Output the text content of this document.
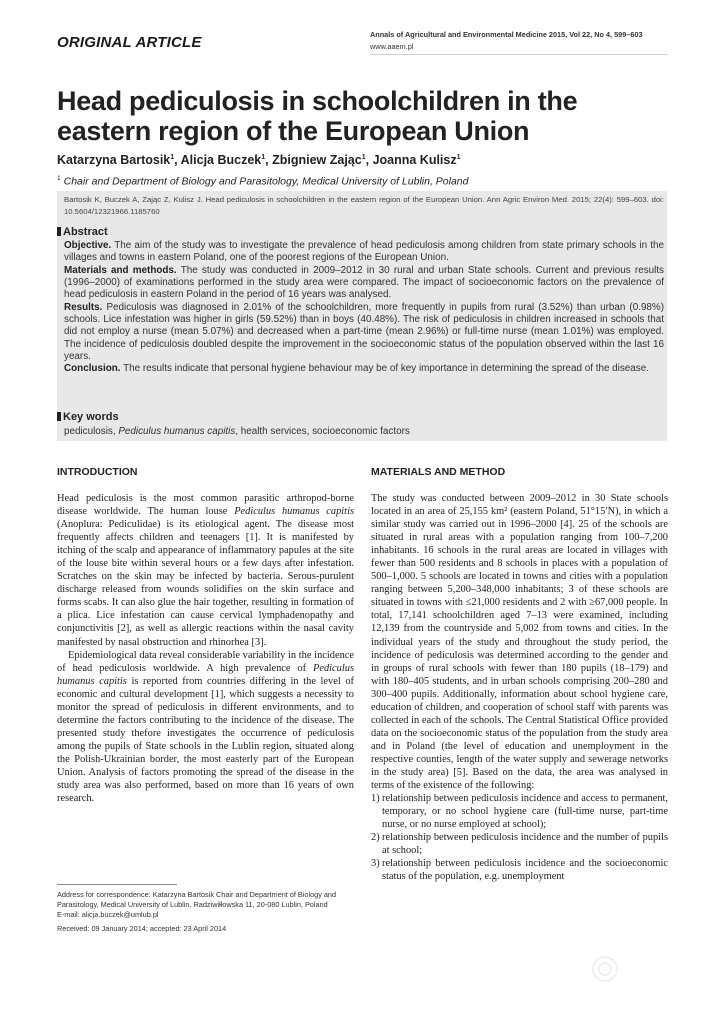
ORIGINAL ARTICLE	Annals of Agricultural and Environmental Medicine 2015, Vol 22, No 4, 599–603
www.aaem.pl
Head pediculosis in schoolchildren in the eastern region of the European Union
Katarzyna Bartosik$^1$, Alicja Buczek$^1$, Zbigniew Zając$^1$, Joanna Kulisz$^1$
$^1$ Chair and Department of Biology and Parasitology, Medical University of Lublin, Poland
Bartosik K, Buczek A, Zając Z, Kulisz J. Head pediculosis in schoolchildren in the eastern region of the European Union. Ann Agric Environ Med. 2015; 22(4): 599–603. doi: 10.5604/12321966.1185760
Abstract

Objective. The aim of the study was to investigate the prevalence of head pediculosis among children from state primary schools in the villages and towns in eastern Poland, one of the poorest regions of the European Union.

Materials and methods. The study was conducted in 2009–2012 in 30 rural and urban State schools. Current and previous results (1996–2000) of examinations performed in the study area were compared. The impact of socioeconomic factors on the prevalence of head pediculosis in eastern Poland in the period of 16 years was analysed.

Results. Pediculosis was diagnosed in 2.01% of the schoolchildren, more frequently in pupils from rural (3.52%) than urban (0.98%) schools. Lice infestation was higher in girls (59.52%) than in boys (40.48%). The risk of pediculosis in children increased in schools that did not employ a nurse (mean 5.07%) and decreased when a part-time (mean 2.96%) or full-time nurse (mean 1.01%) was employed. The incidence of pediculosis doubled despite the improvement in the socioeconomic status of the population observed within the last 16 years.

Conclusion. The results indicate that personal hygiene behaviour may be of key importance in determining the spread of the disease.

Key words
pediculosis, Pediculus humanus capitis, health services, socioeconomic factors
INTRODUCTION	MATERIALS AND METHOD

Head pediculosis is the most common parasitic arthropod-borne disease worldwide. The human louse Pediculus humanus capitis (Anoplura: Pediculidae) is its etiological agent. The disease most frequently affects children and teenagers [1]. It is manifested by itching of the scalp and appearance of inflammatory papules at the site of the louse bite within several hours or a few days after infestation. Scratches on the skin may be infected by bacteria. Serous-purulent discharge released from wounds solidifies on the skin surface and forms scabs. It can also glue the hair together, resulting in formation of a plica. Lice infestation can cause cervical lymphadenopathy and conjunctivitis [2], as well as allergic reactions within the nasal cavity manifested by nasal obstruction and rhinorhea [3].

Epidemiological data reveal considerable variability in the incidence of head pediculosis worldwide. A high prevalence of Pediculus humanus capitis is reported from countries differing in the level of economic and cultural development [1], which suggests a necessity to monitor the spread of pediculosis in different environments, and to determine the factors contributing to the incidence of the disease. The presented study thefore investigates the occurrence of pediculosis among the pupils of State schools in the Lublin region, situated along the Polish-Ukrainian border, the most easterly part of the European Union. Analysis of factors promoting the spread of the disease in the study area was also performed, based on more than 16 years of own research.

The study was conducted between 2009–2012 in 30 State schools located in an area of 25,155 km² (eastern Poland, 51°15′N), in which a similar study was carried out in 1996–2000 [4]. 25 of the schools are situated in rural areas with a population ranging from 100–7,200 inhabitants. 16 schools in the rural areas are located in villages with fewer than 500 residents and 8 schools in places with a population of 500–1,000. 5 schools are located in towns and cities with a population ranging between 5,200–348,000 inhabitants; 3 of these schools are situated in towns with ≤21,000 residents and 2 with ≥67,000 people. In total, 17,141 schoolchildren aged 7–13 were examined, including 12,139 from the countryside and 5,002 from towns and cities. In the individual years of the study and throughout the study period, the incidence of pediculosis was determined according to the gender and in groups of rural schools with fewer than 180 pupils (18–179) and with 180–405 students, and in urban schools comprising 200–280 and 300–400 pupils. Additionally, information about school hygiene care, education of children, and cooperation of school staff with parents was collected in each of the schools. The Central Statistical Office provided data on the socioeconomic status of the population from the study area and in Poland (the level of education and unemployment in the respective counties, length of the water supply and sewerage networks in the study area) [5]. Based on the data, the area was analysed in terms of the existence of the following:

1) relationship between pediculosis incidence and access to permanent, temporary, or no school hygiene care (full-time nurse, part-time nurse, or no nurse employed at school);
2) relationship between pediculosis incidence and the number of pupils at school;
3) relationship between pediculosis incidence and the socioeconomic status of the population, e.g. unemployment

Address for correspondence: Katarzyna Bartosik Chair and Department of Biology and Parasitology, Medical University of Lublin, Radziwiłłowska 11, 20-080 Lublin, Poland

E-mail: alicja.buczek@umlub.pl

Received: 09 January 2014; accepted: 23 April 2014
